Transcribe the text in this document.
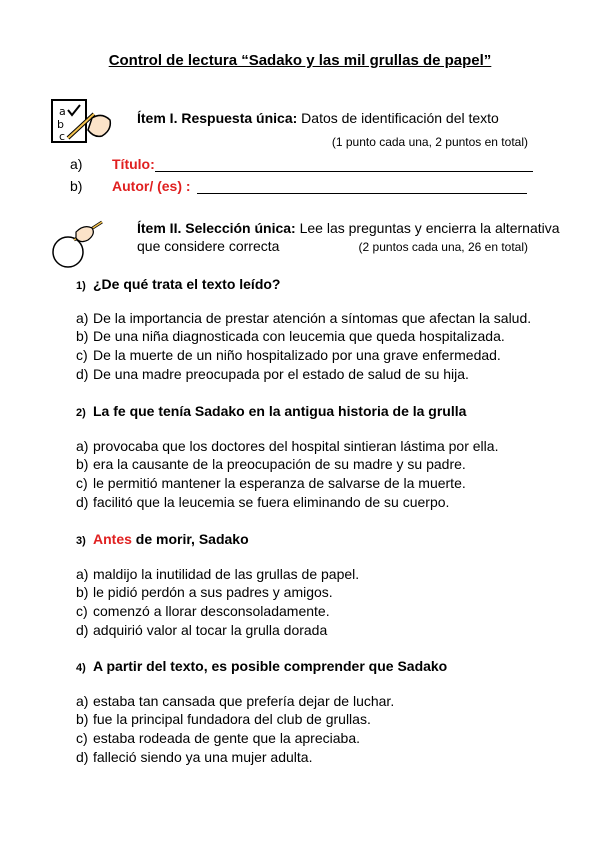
Control de lectura “Sadako y las mil grullas de papel”
a
b
c
Ítem I. Respuesta única: Datos de identificación del texto
(1 punto cada una, 2 puntos en total)
a)	Título:
b)	Autor/ (es) :
Ítem II. Selección única: Lee las preguntas y encierra la alternativa
que considere correcta	(2 puntos cada una, 26 en total)
1) ¿De qué trata el texto leído?
a) De la importancia de prestar atención a síntomas que afectan la salud.
b) De una niña diagnosticada con leucemia que queda hospitalizada.
c) De la muerte de un niño hospitalizado por una grave enfermedad.
d) De una madre preocupada por el estado de salud de su hija.
2) La fe que tenía Sadako en la antigua historia de la grulla
a) provocaba que los doctores del hospital sintieran lástima por ella.
b) era la causante de la preocupación de su madre y su padre.
c) le permitió mantener la esperanza de salvarse de la muerte.
d) facilitó que la leucemia se fuera eliminando de su cuerpo.
3) Antes de morir, Sadako
a) maldijo la inutilidad de las grullas de papel.
b) le pidió perdón a sus padres y amigos.
c) comenzó a llorar desconsoladamente.
d) adquirió valor al tocar la grulla dorada
4) A partir del texto, es posible comprender que Sadako
a) estaba tan cansada que prefería dejar de luchar.
b) fue la principal fundadora del club de grullas.
c) estaba rodeada de gente que la apreciaba.
d) falleció siendo ya una mujer adulta.
